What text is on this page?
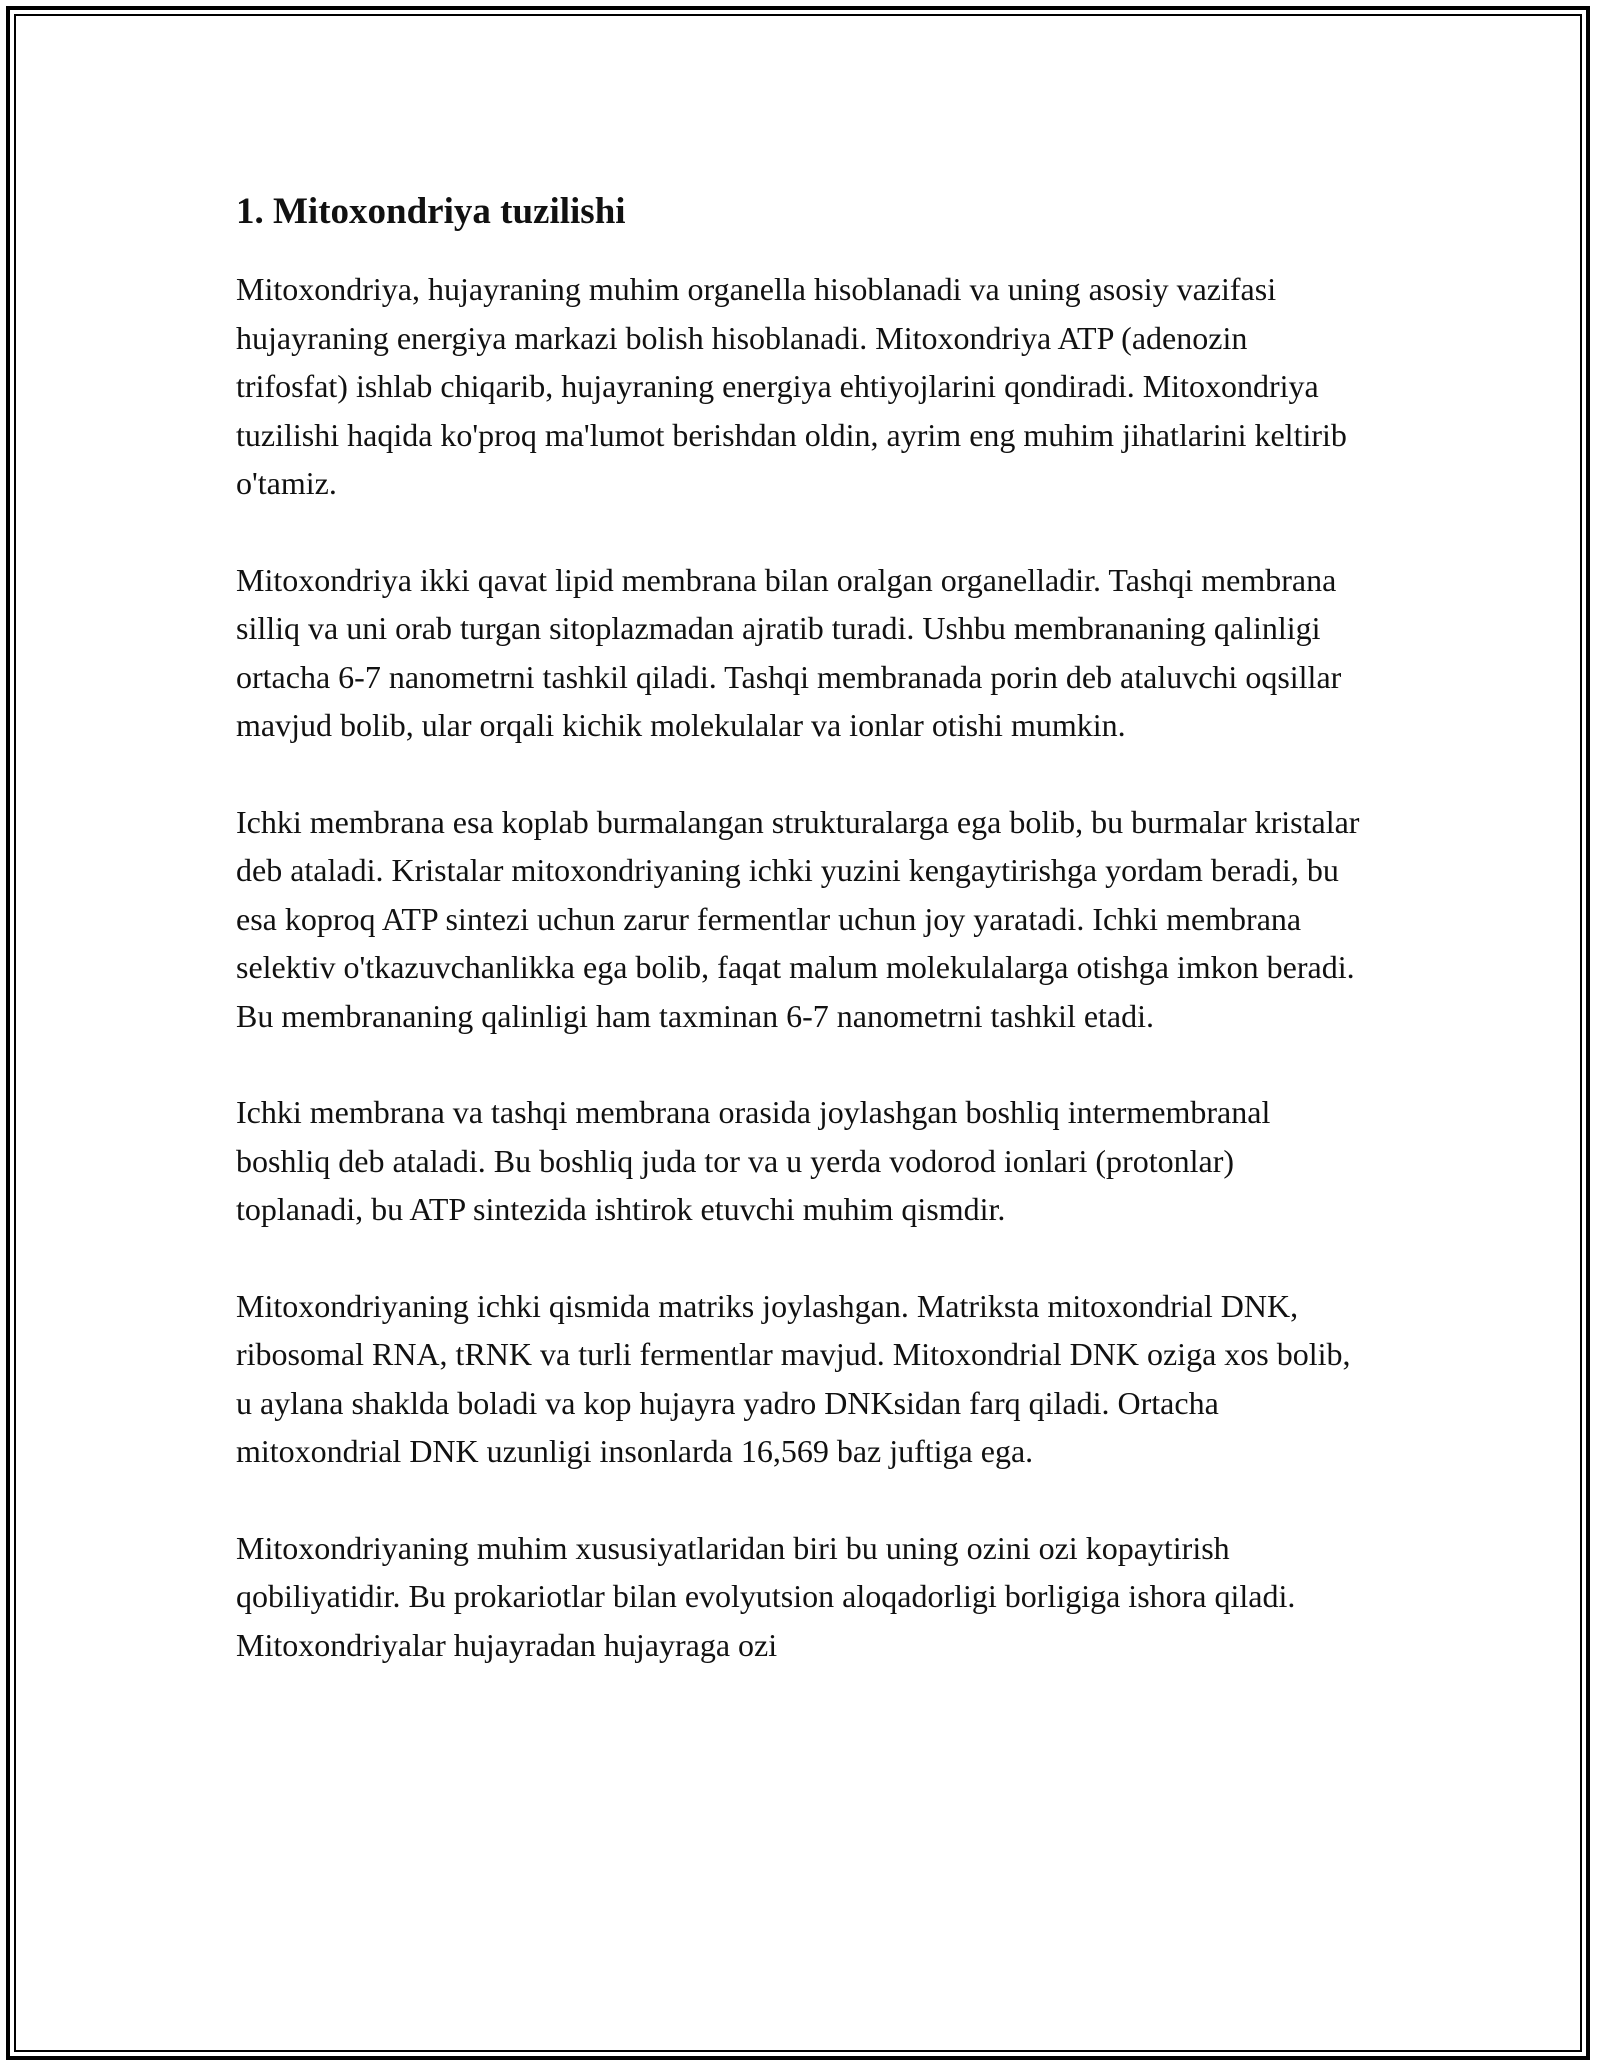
1. Mitoxondriya tuzilishi

Mitoxondriya, hujayraning muhim organella hisoblanadi va uning asosiy vazifasi hujayraning energiya markazi bolish hisoblanadi. Mitoxondriya ATP (adenozin trifosfat) ishlab chiqarib, hujayraning energiya ehtiyojlarini qondiradi. Mitoxondriya tuzilishi haqida ko'proq ma'lumot berishdan oldin, ayrim eng muhim jihatlarini keltirib o'tamiz.

Mitoxondriya ikki qavat lipid membrana bilan oralgan organelladir. Tashqi membrana silliq va uni orab turgan sitoplazmadan ajratib turadi. Ushbu membrananing qalinligi ortacha 6-7 nanometrni tashkil qiladi. Tashqi membranada porin deb ataluvchi oqsillar mavjud bolib, ular orqali kichik molekulalar va ionlar otishi mumkin.

Ichki membrana esa koplab burmalangan strukturalarga ega bolib, bu burmalar kristalar deb ataladi. Kristalar mitoxondriyaning ichki yuzini kengaytirishga yordam beradi, bu esa koproq ATP sintezi uchun zarur fermentlar uchun joy yaratadi. Ichki membrana selektiv o'tkazuvchanlikka ega bolib, faqat malum molekulalarga otishga imkon beradi. Bu membrananing qalinligi ham taxminan 6-7 nanometrni tashkil etadi.

Ichki membrana va tashqi membrana orasida joylashgan boshliq intermembranal boshliq deb ataladi. Bu boshliq juda tor va u yerda vodorod ionlari (protonlar) toplanadi, bu ATP sintezida ishtirok etuvchi muhim qismdir.

Mitoxondriyaning ichki qismida matriks joylashgan. Matriksta mitoxondrial DNK, ribosomal RNA, tRNK va turli fermentlar mavjud. Mitoxondrial DNK oziga xos bolib, u aylana shakldа boladi va kop hujayra yadro DNKsidan farq qiladi. Ortacha mitoxondrial DNK uzunligi insonlarda 16,569 baz juftiga ega.

Mitoxondriyaning muhim xususiyatlaridan biri bu uning ozini ozi kopaytirish qobiliyatidir. Bu prokariotlar bilan evolyutsion aloqadorligi borligiga ishora qiladi. Mitoxondriyalar hujayradan hujayraga ozi
